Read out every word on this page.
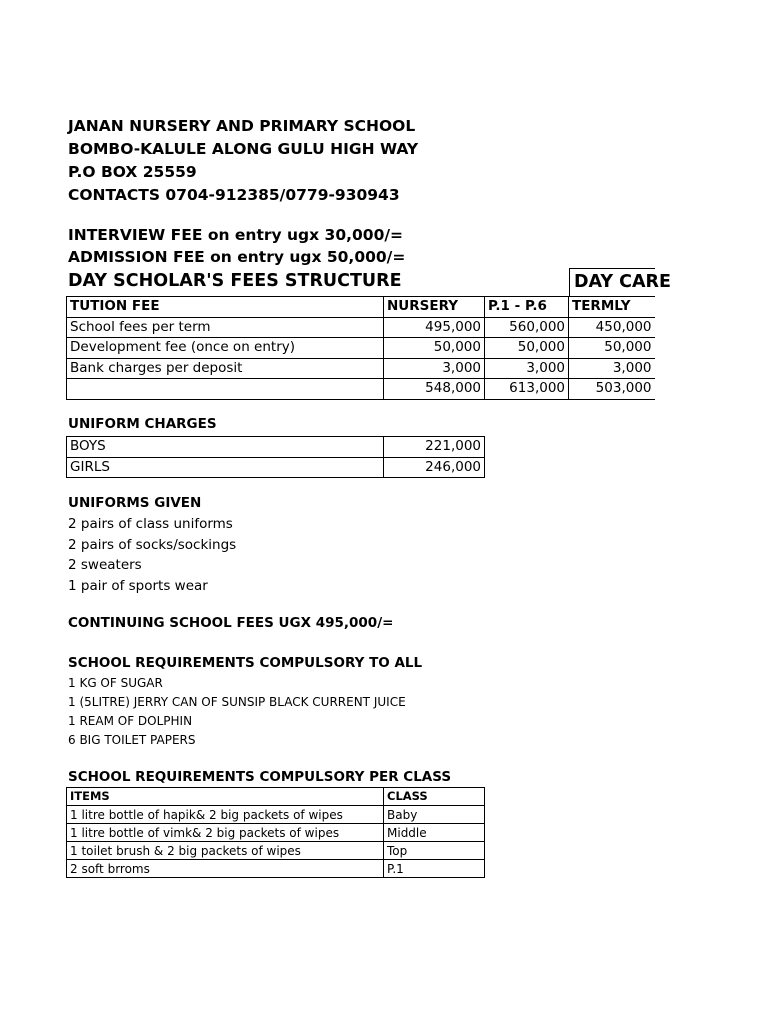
JANAN NURSERY AND PRIMARY SCHOOL
BOMBO-KALULE ALONG GULU HIGH WAY
P.O BOX 25559
CONTACTS 0704-912385/0779-930943
INTERVIEW FEE on entry ugx 30,000/=
ADMISSION FEE on entry ugx 50,000/=
DAY SCHOLAR'S FEES STRUCTURE	DAY CARE
TUTION FEE	NURSERY	P.1 - P.6	TERMLY
School fees per term	495,000	560,000	450,000
Development fee (once on entry)	50,000	50,000	50,000
Bank charges per deposit	3,000	3,000	3,000
	548,000	613,000	503,000
UNIFORM CHARGES
BOYS	221,000
GIRLS	246,000
UNIFORMS GIVEN
2 pairs of class uniforms
2 pairs of socks/sockings
2 sweaters
1 pair of sports wear
CONTINUING SCHOOL FEES UGX 495,000/=
SCHOOL REQUIREMENTS COMPULSORY TO ALL
1 KG OF SUGAR
1 (5LITRE) JERRY CAN OF SUNSIP BLACK CURRENT JUICE
1 REAM OF DOLPHIN
6 BIG TOILET PAPERS
SCHOOL REQUIREMENTS COMPULSORY PER CLASS
ITEMS	CLASS
1 litre bottle of hapik& 2 big packets of wipes	Baby
1 litre bottle of vimk& 2 big packets of wipes	Middle
1 toilet brush & 2 big packets of wipes	Top
2 soft brroms	P.1
